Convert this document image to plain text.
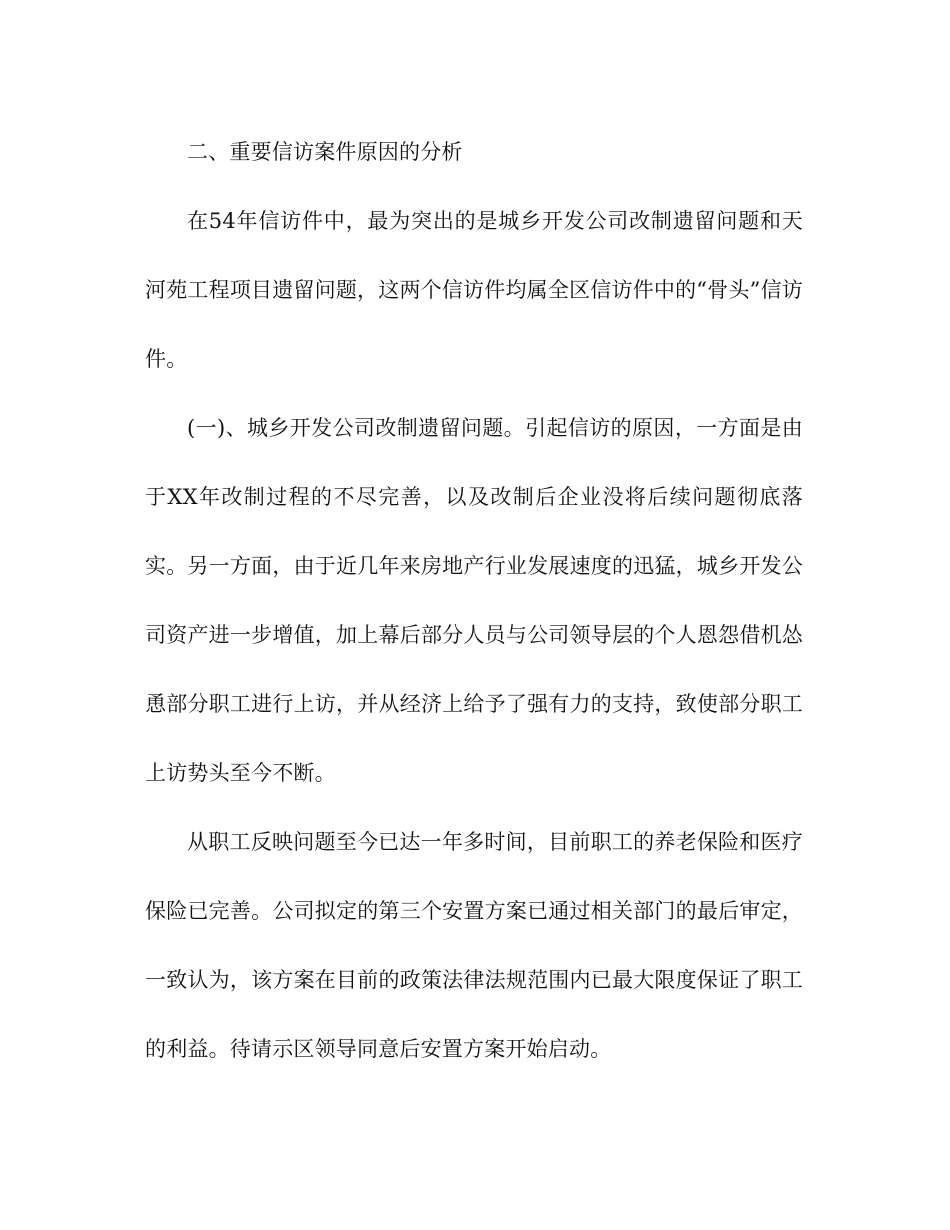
二、重要信访案件原因的分析

在54年信访件中，最为突出的是城乡开发公司改制遗留问题和天河苑工程项目遗留问题，这两个信访件均属全区信访件中的“骨头”信访件。

(一)、城乡开发公司改制遗留问题。引起信访的原因，一方面是由于XX年改制过程的不尽完善，以及改制后企业没将后续问题彻底落实。另一方面，由于近几年来房地产行业发展速度的迅猛，城乡开发公司资产进一步增值，加上幕后部分人员与公司领导层的个人恩怨借机怂恿部分职工进行上访，并从经济上给予了强有力的支持，致使部分职工上访势头至今不断。

从职工反映问题至今已达一年多时间，目前职工的养老保险和医疗保险已完善。公司拟定的第三个安置方案已通过相关部门的最后审定，一致认为，该方案在目前的政策法律法规范围内已最大限度保证了职工的利益。待请示区领导同意后安置方案开始启动。
